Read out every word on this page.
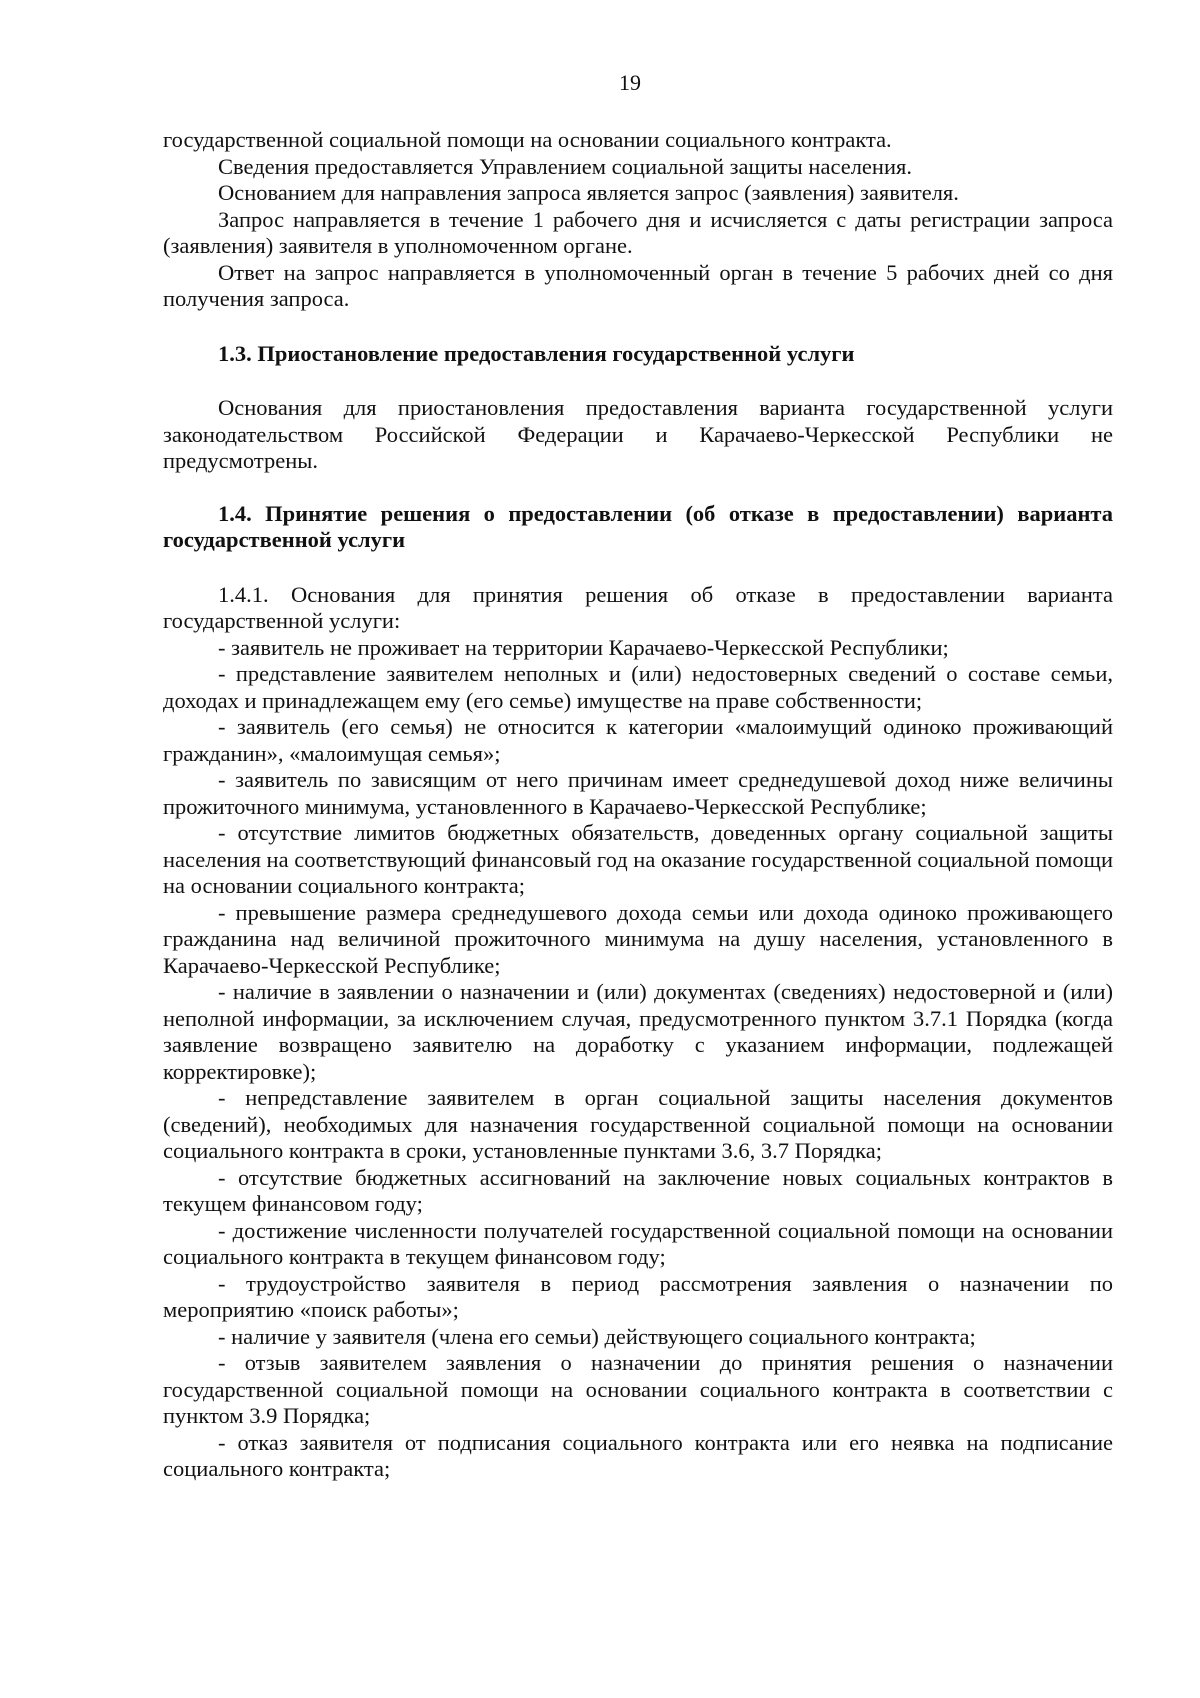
19

государственной социальной помощи на основании социального контракта.

Сведения предоставляется Управлением социальной защиты населения.

Основанием для направления запроса является запрос (заявления) заявителя.

Запрос направляется в течение 1 рабочего дня и исчисляется с даты регистрации запроса (заявления) заявителя в уполномоченном органе.

Ответ на запрос направляется в уполномоченный орган в течение 5 рабочих дней со дня получения запроса.

1.3. Приостановление предоставления государственной услуги

Основания для приостановления предоставления варианта государственной услуги законодательством Российской Федерации и Карачаево-Черкесской Республики не предусмотрены.

1.4. Принятие решения о предоставлении (об отказе в предоставлении) варианта государственной услуги

1.4.1. Основания для принятия решения об отказе в предоставлении варианта государственной услуги:

- заявитель не проживает на территории Карачаево-Черкесской Республики;

- представление заявителем неполных и (или) недостоверных сведений о составе семьи, доходах и принадлежащем ему (его семье) имуществе на праве собственности;

- заявитель (его семья) не относится к категории «малоимущий одиноко проживающий гражданин», «малоимущая семья»;

- заявитель по зависящим от него причинам имеет среднедушевой доход ниже величины прожиточного минимума, установленного в Карачаево-Черкесской Республике;

- отсутствие лимитов бюджетных обязательств, доведенных органу социальной защиты населения на соответствующий финансовый год на оказание государственной социальной помощи на основании социального контракта;

- превышение размера среднедушевого дохода семьи или дохода одиноко проживающего гражданина над величиной прожиточного минимума на душу населения, установленного в Карачаево-Черкесской Республике;

- наличие в заявлении о назначении и (или) документах (сведениях) недостоверной и (или) неполной информации, за исключением случая, предусмотренного пунктом 3.7.1 Порядка (когда заявление возвращено заявителю на доработку с указанием информации, подлежащей корректировке);

- непредставление заявителем в орган социальной защиты населения документов (сведений), необходимых для назначения государственной социальной помощи на основании социального контракта в сроки, установленные пунктами 3.6, 3.7 Порядка;

- отсутствие бюджетных ассигнований на заключение новых социальных контрактов в текущем финансовом году;

- достижение численности получателей государственной социальной помощи на основании социального контракта в текущем финансовом году;

- трудоустройство заявителя в период рассмотрения заявления о назначении по мероприятию «поиск работы»;

- наличие у заявителя (члена его семьи) действующего социального контракта;

- отзыв заявителем заявления о назначении до принятия решения о назначении государственной социальной помощи на основании социального контракта в соответствии с пунктом 3.9 Порядка;

- отказ заявителя от подписания социального контракта или его неявка на подписание социального контракта;
